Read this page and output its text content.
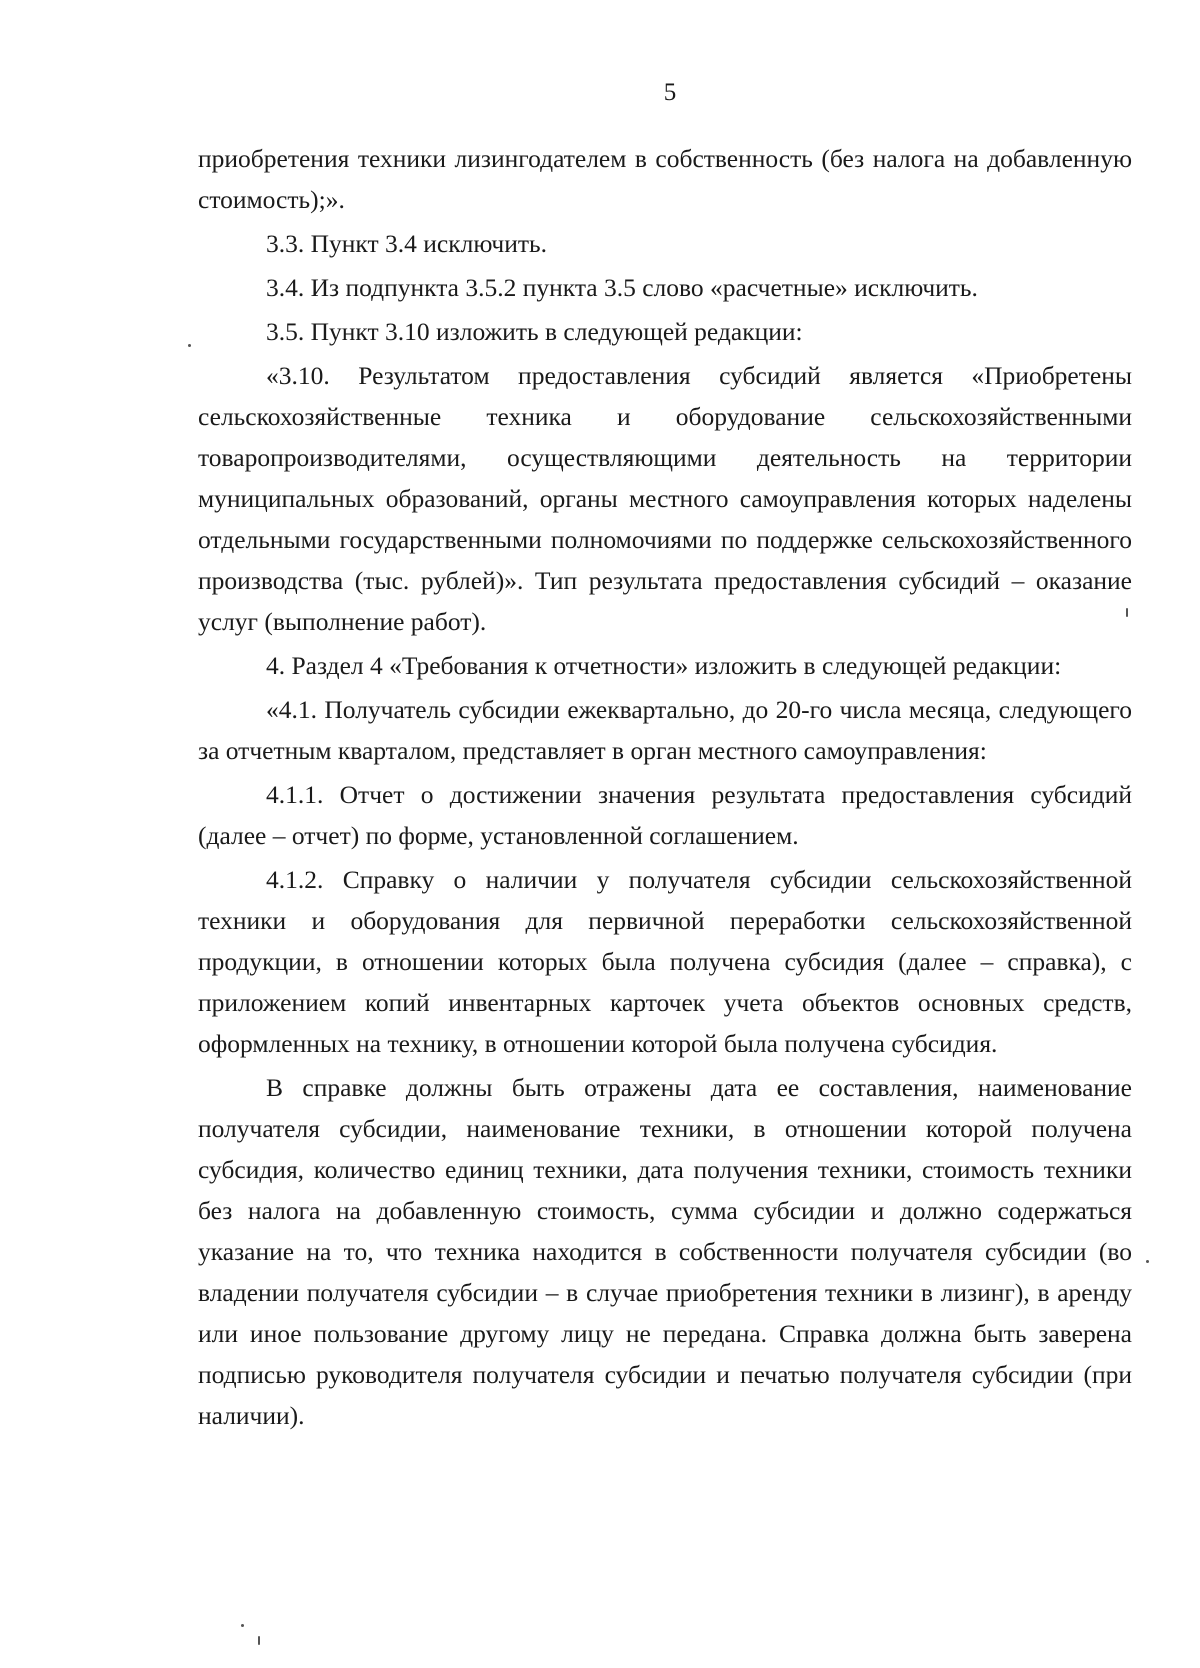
5

приобретения техники лизингодателем в собственность (без налога на добавленную стоимость);».

3.3. Пункт 3.4 исключить.

3.4. Из подпункта 3.5.2 пункта 3.5 слово «расчетные» исключить.

3.5. Пункт 3.10 изложить в следующей редакции:

«3.10. Результатом предоставления субсидий является «Приобретены сельскохозяйственные техника и оборудование сельскохозяйственными товаропроизводителями, осуществляющими деятельность на территории муниципальных образований, органы местного самоуправления которых наделены отдельными государственными полномочиями по поддержке сельскохозяйственного производства (тыс. рублей)». Тип результата предоставления субсидий – оказание услуг (выполнение работ).

4. Раздел 4 «Требования к отчетности» изложить в следующей редакции:

«4.1. Получатель субсидии ежеквартально, до 20-го числа месяца, следующего за отчетным кварталом, представляет в орган местного самоуправления:

4.1.1. Отчет о достижении значения результата предоставления субсидий (далее – отчет) по форме, установленной соглашением.

4.1.2. Справку о наличии у получателя субсидии сельскохозяйственной техники и оборудования для первичной переработки сельскохозяйственной продукции, в отношении которых была получена субсидия (далее – справка), с приложением копий инвентарных карточек учета объектов основных средств, оформленных на технику, в отношении которой была получена субсидия.

В справке должны быть отражены дата ее составления, наименование получателя субсидии, наименование техники, в отношении которой получена субсидия, количество единиц техники, дата получения техники, стоимость техники без налога на добавленную стоимость, сумма субсидии и должно содержаться указание на то, что техника находится в собственности получателя субсидии (во владении получателя субсидии – в случае приобретения техники в лизинг), в аренду или иное пользование другому лицу не передана. Справка должна быть заверена подписью руководителя получателя субсидии и печатью получателя субсидии (при наличии).
